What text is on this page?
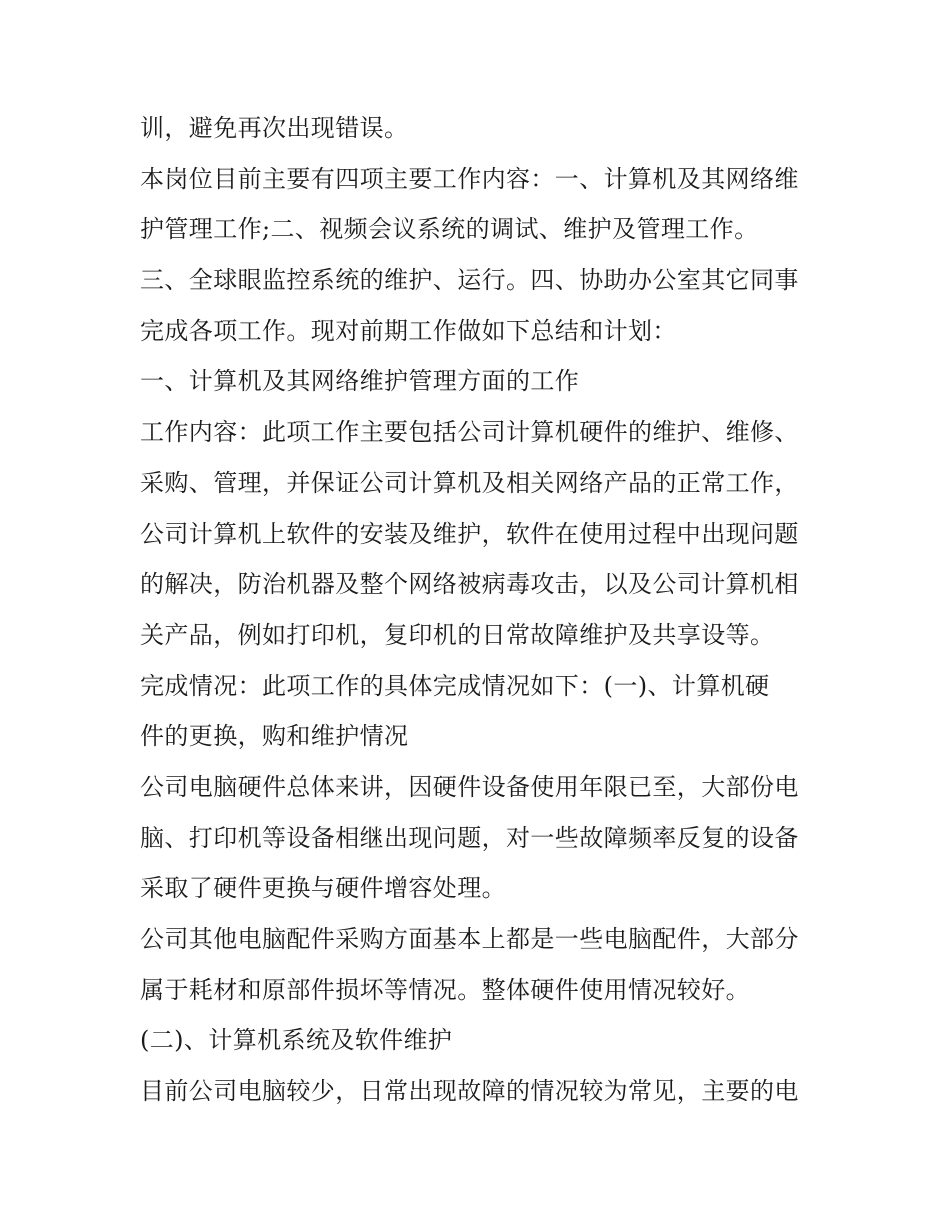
训，避免再次出现错误。
本岗位目前主要有四项主要工作内容：一、计算机及其网络维
护管理工作;二、视频会议系统的调试、维护及管理工作。
三、全球眼监控系统的维护、运行。四、协助办公室其它同事
完成各项工作。现对前期工作做如下总结和计划：
一、计算机及其网络维护管理方面的工作
工作内容：此项工作主要包括公司计算机硬件的维护、维修、
采购、管理，并保证公司计算机及相关网络产品的正常工作，
公司计算机上软件的安装及维护，软件在使用过程中出现问题
的解决，防治机器及整个网络被病毒攻击，以及公司计算机相
关产品，例如打印机，复印机的日常故障维护及共享设等。
完成情况：此项工作的具体完成情况如下：(一)、计算机硬
件的更换，购和维护情况
公司电脑硬件总体来讲，因硬件设备使用年限已至，大部份电
脑、打印机等设备相继出现问题，对一些故障频率反复的设备
采取了硬件更换与硬件增容处理。
公司其他电脑配件采购方面基本上都是一些电脑配件，大部分
属于耗材和原部件损坏等情况。整体硬件使用情况较好。
(二)、计算机系统及软件维护
目前公司电脑较少，日常出现故障的情况较为常见，主要的电
